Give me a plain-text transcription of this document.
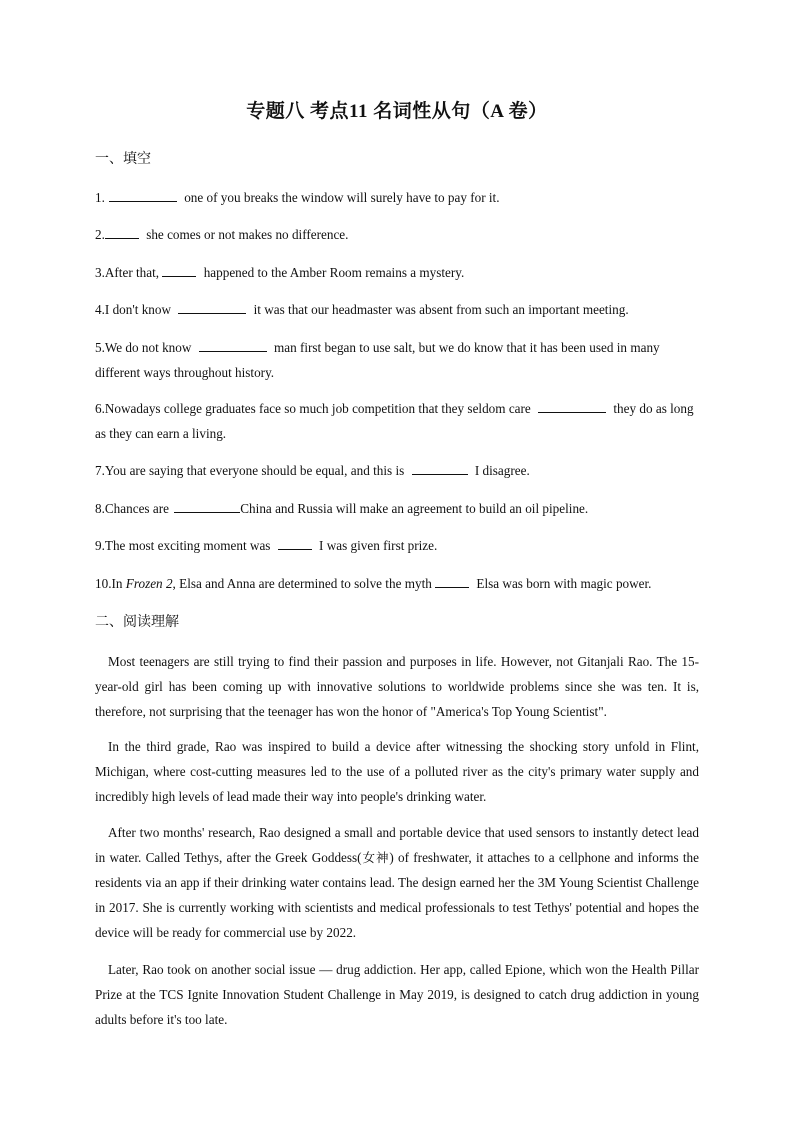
专题八 考点11 名词性从句（A 卷）
一、填空
1.	one of you breaks the window will surely have to pay for it.
2.	she comes or not makes no difference.
3.After that,	happened to the Amber Room remains a mystery.
4.I don't know	it was that our headmaster was absent from such an important meeting.
5.We do not know	man first began to use salt, but we do know that it has been used in many different ways throughout history.
6.Nowadays college graduates face so much job competition that they seldom care	they do as long as they can earn a living.
7.You are saying that everyone should be equal, and this is	I disagree.
8.Chances are	China and Russia will make an agreement to build an oil pipeline.
9.The most exciting moment was	I was given first prize.
10.In Frozen 2, Elsa and Anna are determined to solve the myth	Elsa was born with magic power.
二、阅读理解
Most teenagers are still trying to find their passion and purposes in life. However, not Gitanjali Rao. The 15-year-old girl has been coming up with innovative solutions to worldwide problems since she was ten. It is, therefore, not surprising that the teenager has won the honor of "America's Top Young Scientist".
In the third grade, Rao was inspired to build a device after witnessing the shocking story unfold in Flint, Michigan, where cost-cutting measures led to the use of a polluted river as the city's primary water supply and incredibly high levels of lead made their way into people's drinking water.
After two months' research, Rao designed a small and portable device that used sensors to instantly detect lead in water. Called Tethys, after the Greek Goddess(女神) of freshwater, it attaches to a cellphone and informs the residents via an app if their drinking water contains lead. The design earned her the 3M Young Scientist Challenge in 2017. She is currently working with scientists and medical professionals to test Tethys' potential and hopes the device will be ready for commercial use by 2022.
Later, Rao took on another social issue — drug addiction. Her app, called Epione, which won the Health Pillar Prize at the TCS Ignite Innovation Student Challenge in May 2019, is designed to catch drug addiction in young adults before it's too late.
